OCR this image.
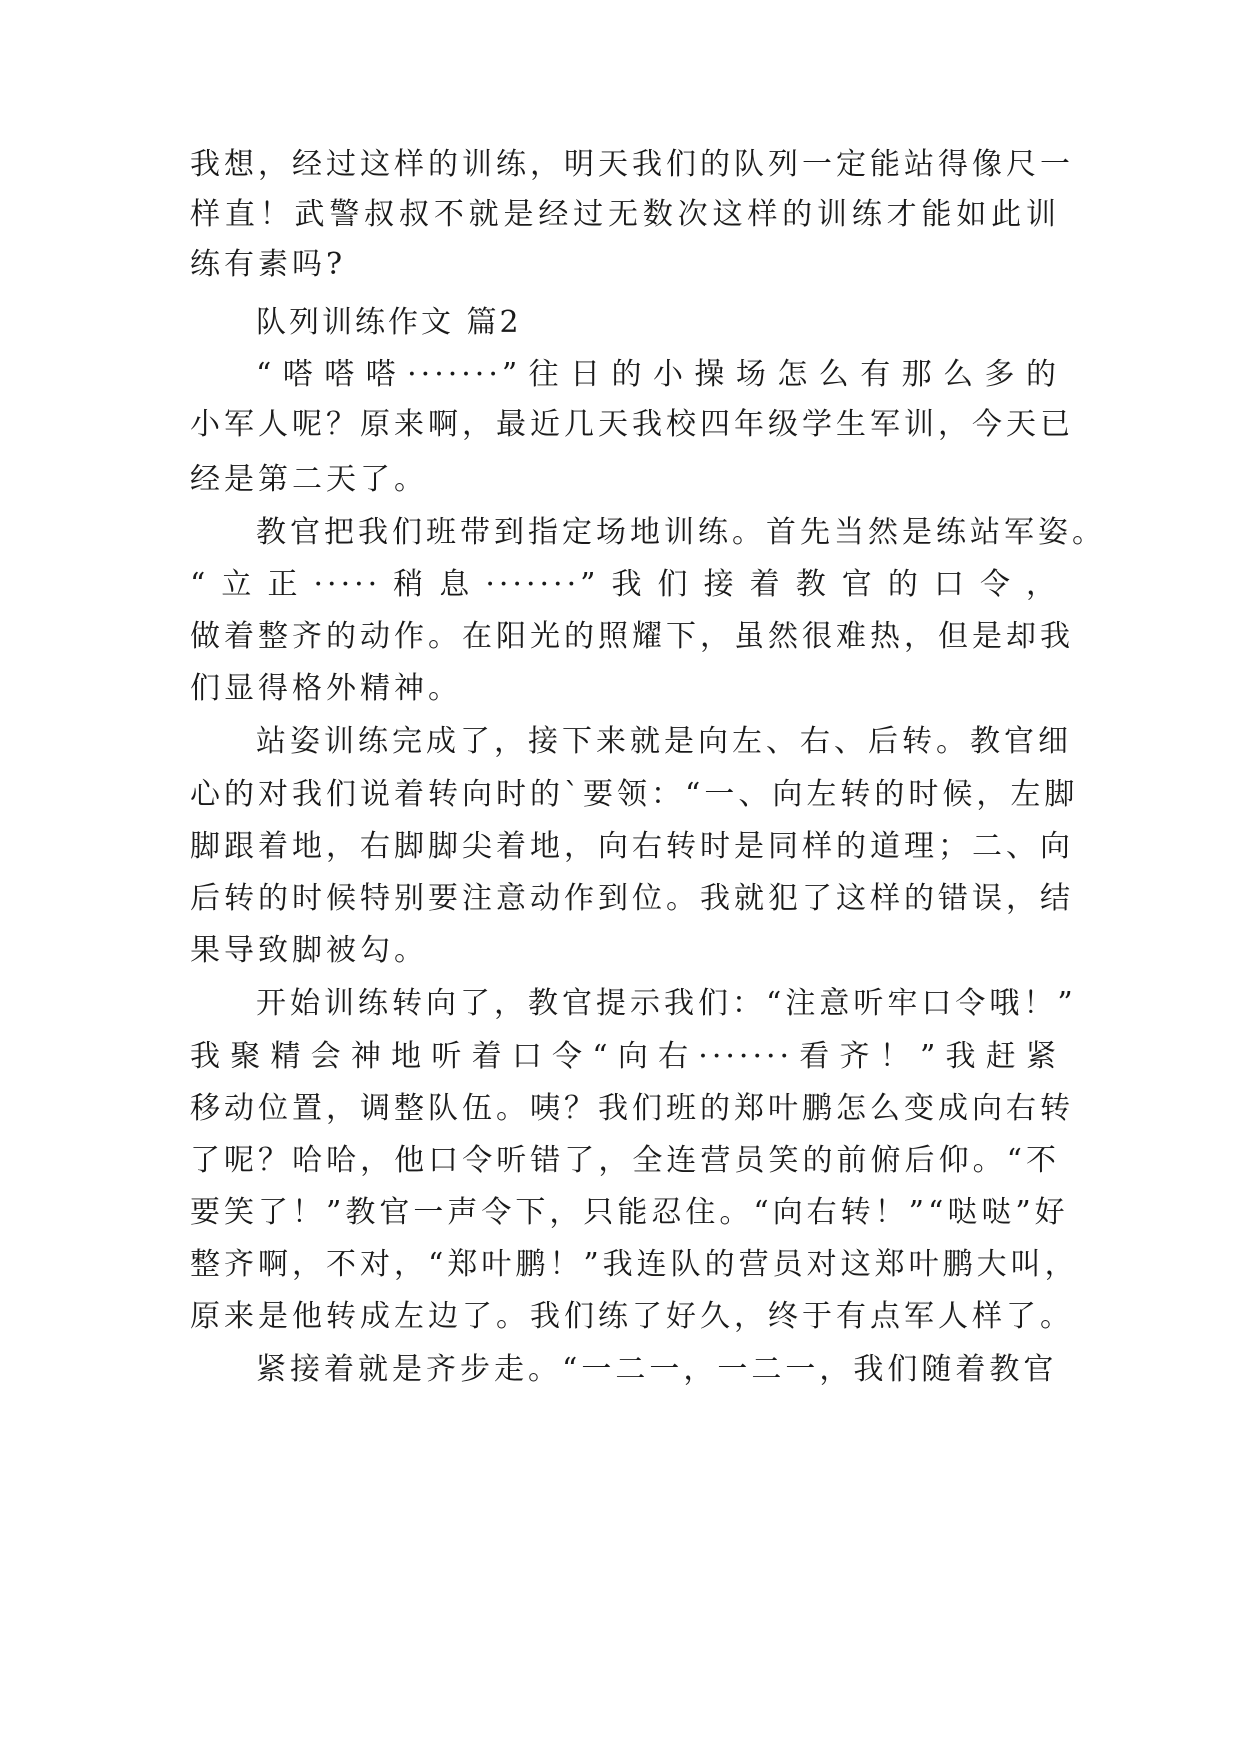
我想，经过这样的训练，明天我们的队列一定能站得像尺一
样直！武警叔叔不就是经过无数次这样的训练才能如此训
练有素吗?
队列训练作文 篇2
“嗒嗒嗒·······”往日的小操场怎么有那么多的
小军人呢？原来啊，最近几天我校四年级学生军训，今天已
经是第二天了。
教官把我们班带到指定场地训练。首先当然是练站军姿。
“立正·····稍息·······”我们接着教官的口令，
做着整齐的动作。在阳光的照耀下，虽然很难热，但是却我
们显得格外精神。
站姿训练完成了，接下来就是向左、右、后转。教官细
心的对我们说着转向时的`要领：“一、向左转的时候，左脚
脚跟着地，右脚脚尖着地，向右转时是同样的道理；二、向
后转的时候特别要注意动作到位。我就犯了这样的错误，结
果导致脚被勾。
开始训练转向了，教官提示我们：“注意听牢口令哦！”
我聚精会神地听着口令“向右·······看齐！”我赶紧
移动位置，调整队伍。咦？我们班的郑叶鹏怎么变成向右转
了呢？哈哈，他口令听错了，全连营员笑的前俯后仰。“不
要笑了！”教官一声令下，只能忍住。“向右转！”“哒哒”好
整齐啊，不对，“郑叶鹏！”我连队的营员对这郑叶鹏大叫，
原来是他转成左边了。我们练了好久，终于有点军人样了。
紧接着就是齐步走。“一二一，一二一，我们随着教官
